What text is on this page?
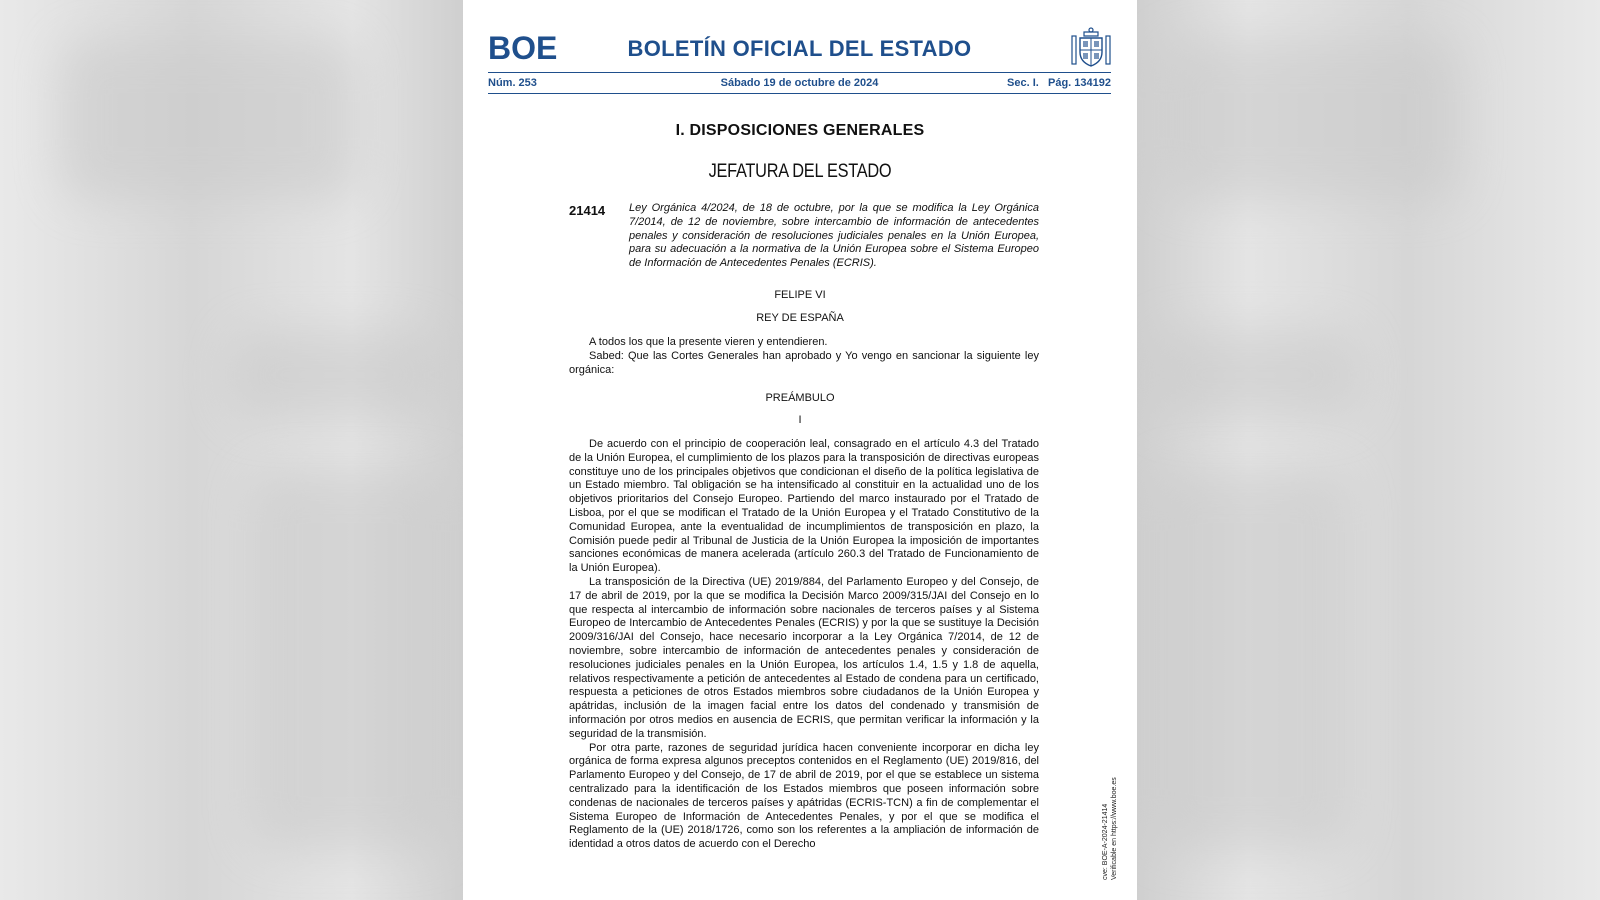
BOE	BOLETÍN OFICIAL DEL ESTADO
Núm. 253	Sábado 19 de octubre de 2024	Sec. I.   Pág. 134192
I. DISPOSICIONES GENERALES
JEFATURA DEL ESTADO
21414 Ley Orgánica 4/2024, de 18 de octubre, por la que se modifica la Ley Orgánica 7/2014, de 12 de noviembre, sobre intercambio de información de antecedentes penales y consideración de resoluciones judiciales penales en la Unión Europea, para su adecuación a la normativa de la Unión Europea sobre el Sistema Europeo de Información de Antecedentes Penales (ECRIS).
FELIPE VI
REY DE ESPAÑA

A todos los que la presente vieren y entendieren.

Sabed: Que las Cortes Generales han aprobado y Yo vengo en sancionar la siguiente ley orgánica:

PREÁMBULO
I

De acuerdo con el principio de cooperación leal, consagrado en el artículo 4.3 del Tratado de la Unión Europea, el cumplimiento de los plazos para la transposición de directivas europeas constituye uno de los principales objetivos que condicionan el diseño de la política legislativa de un Estado miembro. Tal obligación se ha intensificado al constituir en la actualidad uno de los objetivos prioritarios del Consejo Europeo. Partiendo del marco instaurado por el Tratado de Lisboa, por el que se modifican el Tratado de la Unión Europea y el Tratado Constitutivo de la Comunidad Europea, ante la eventualidad de incumplimientos de transposición en plazo, la Comisión puede pedir al Tribunal de Justicia de la Unión Europea la imposición de importantes sanciones económicas de manera acelerada (artículo 260.3 del Tratado de Funcionamiento de la Unión Europea).

La transposición de la Directiva (UE) 2019/884, del Parlamento Europeo y del Consejo, de 17 de abril de 2019, por la que se modifica la Decisión Marco 2009/315/JAI del Consejo en lo que respecta al intercambio de información sobre nacionales de terceros países y al Sistema Europeo de Intercambio de Antecedentes Penales (ECRIS) y por la que se sustituye la Decisión 2009/316/JAI del Consejo, hace necesario incorporar a la Ley Orgánica 7/2014, de 12 de noviembre, sobre intercambio de información de antecedentes penales y consideración de resoluciones judiciales penales en la Unión Europea, los artículos 1.4, 1.5 y 1.8 de aquella, relativos respectivamente a petición de antecedentes al Estado de condena para un certificado, respuesta a peticiones de otros Estados miembros sobre ciudadanos de la Unión Europea y apátridas, inclusión de la imagen facial entre los datos del condenado y transmisión de información por otros medios en ausencia de ECRIS, que permitan verificar la información y la seguridad de la transmisión.

Por otra parte, razones de seguridad jurídica hacen conveniente incorporar en dicha ley orgánica de forma expresa algunos preceptos contenidos en el Reglamento (UE) 2019/816, del Parlamento Europeo y del Consejo, de 17 de abril de 2019, por el que se establece un sistema centralizado para la identificación de los Estados miembros que poseen información sobre condenas de nacionales de terceros países y apátridas (ECRIS-TCN) a fin de complementar el Sistema Europeo de Información de Antecedentes Penales, y por el que se modifica el Reglamento de la (UE) 2018/1726, como son los referentes a la ampliación de información de identidad a otros datos de acuerdo con el Derecho	cve: BOE-A-2024-21414 Verificable en https://www.boe.es
